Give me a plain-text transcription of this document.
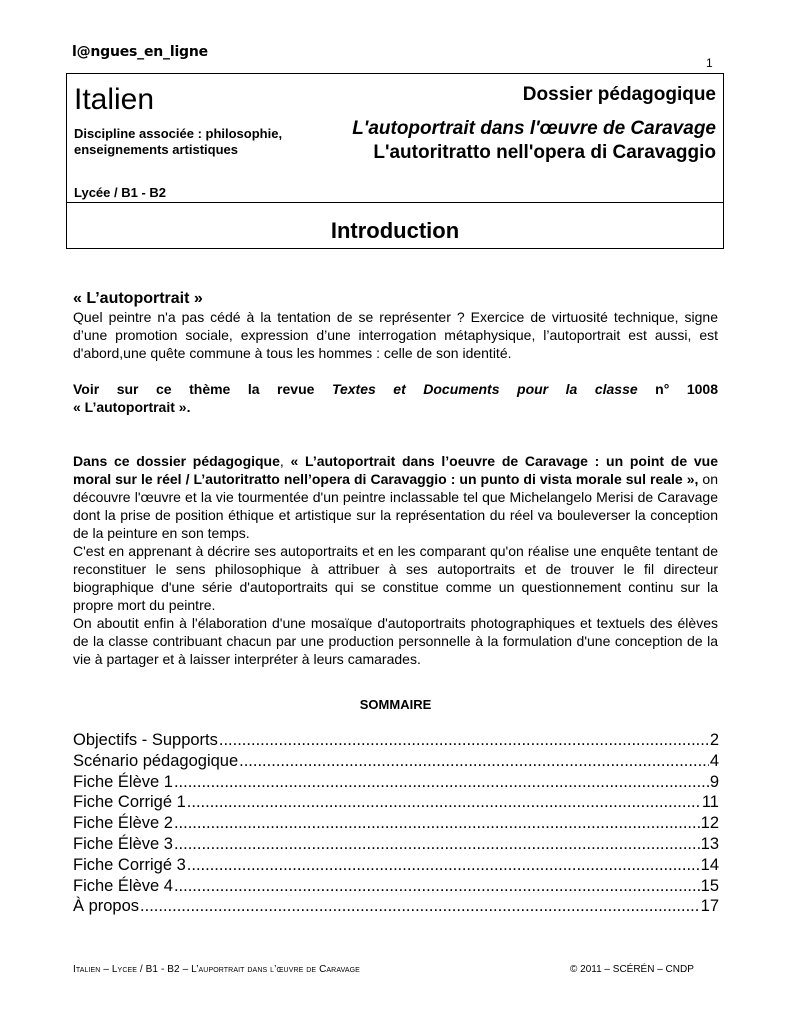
l@ngues_en_ligne
1
Italien
Discipline associée : philosophie, enseignements artistiques
Lycée / B1 - B2
Dossier pédagogique
L'autoportrait dans l'œuvre de Caravage
L'autoritratto nell'opera di Caravaggio
Introduction
« L’autoportrait »
Quel peintre n'a pas cédé à la tentation de se représenter ? Exercice de virtuosité technique, signe d’une promotion sociale, expression d’une interrogation métaphysique, l’autoportrait est aussi, est d'abord,une quête commune à tous les hommes : celle de son identité.
Voir sur ce thème la revue Textes et Documents pour la classe n° 1008
« L’autoportrait ».
Dans ce dossier pédagogique, « L’autoportrait dans l’oeuvre de Caravage : un point de vue moral sur le réel / L’autoritratto nell’opera di Caravaggio : un punto di vista morale sul reale », on découvre l'œuvre et la vie tourmentée d'un peintre inclassable tel que Michelangelo Merisi de Caravage dont la prise de position éthique et artistique sur la représentation du réel va bouleverser la conception de la peinture en son temps.
C'est en apprenant à décrire ses autoportraits et en les comparant qu'on réalise une enquête tentant de reconstituer le sens philosophique à attribuer à ses autoportraits et de trouver le fil directeur biographique d'une série d'autoportraits qui se constitue comme un questionnement continu sur la propre mort du peintre.
On aboutit enfin à l'élaboration d'une mosaïque d'autoportraits photographiques et textuels des élèves de la classe contribuant chacun par une production personnelle à la formulation d'une conception de la vie à partager et à laisser interpréter à leurs camarades.
SOMMAIRE
Objectifs - Supports .....	2
Scénario pédagogique .....	4
Fiche Élève 1 .....	9
Fiche Corrigé 1 .....	11
Fiche Élève 2 .....	12
Fiche Élève 3 .....	13
Fiche Corrigé 3 .....	14
Fiche Élève 4 .....	15
À propos .....	17
Italien – Lycee / B1 - B2 – L’auportrait dans l’œuvre de Caravage	© 2011 – SCÉRÉN – CNDP
